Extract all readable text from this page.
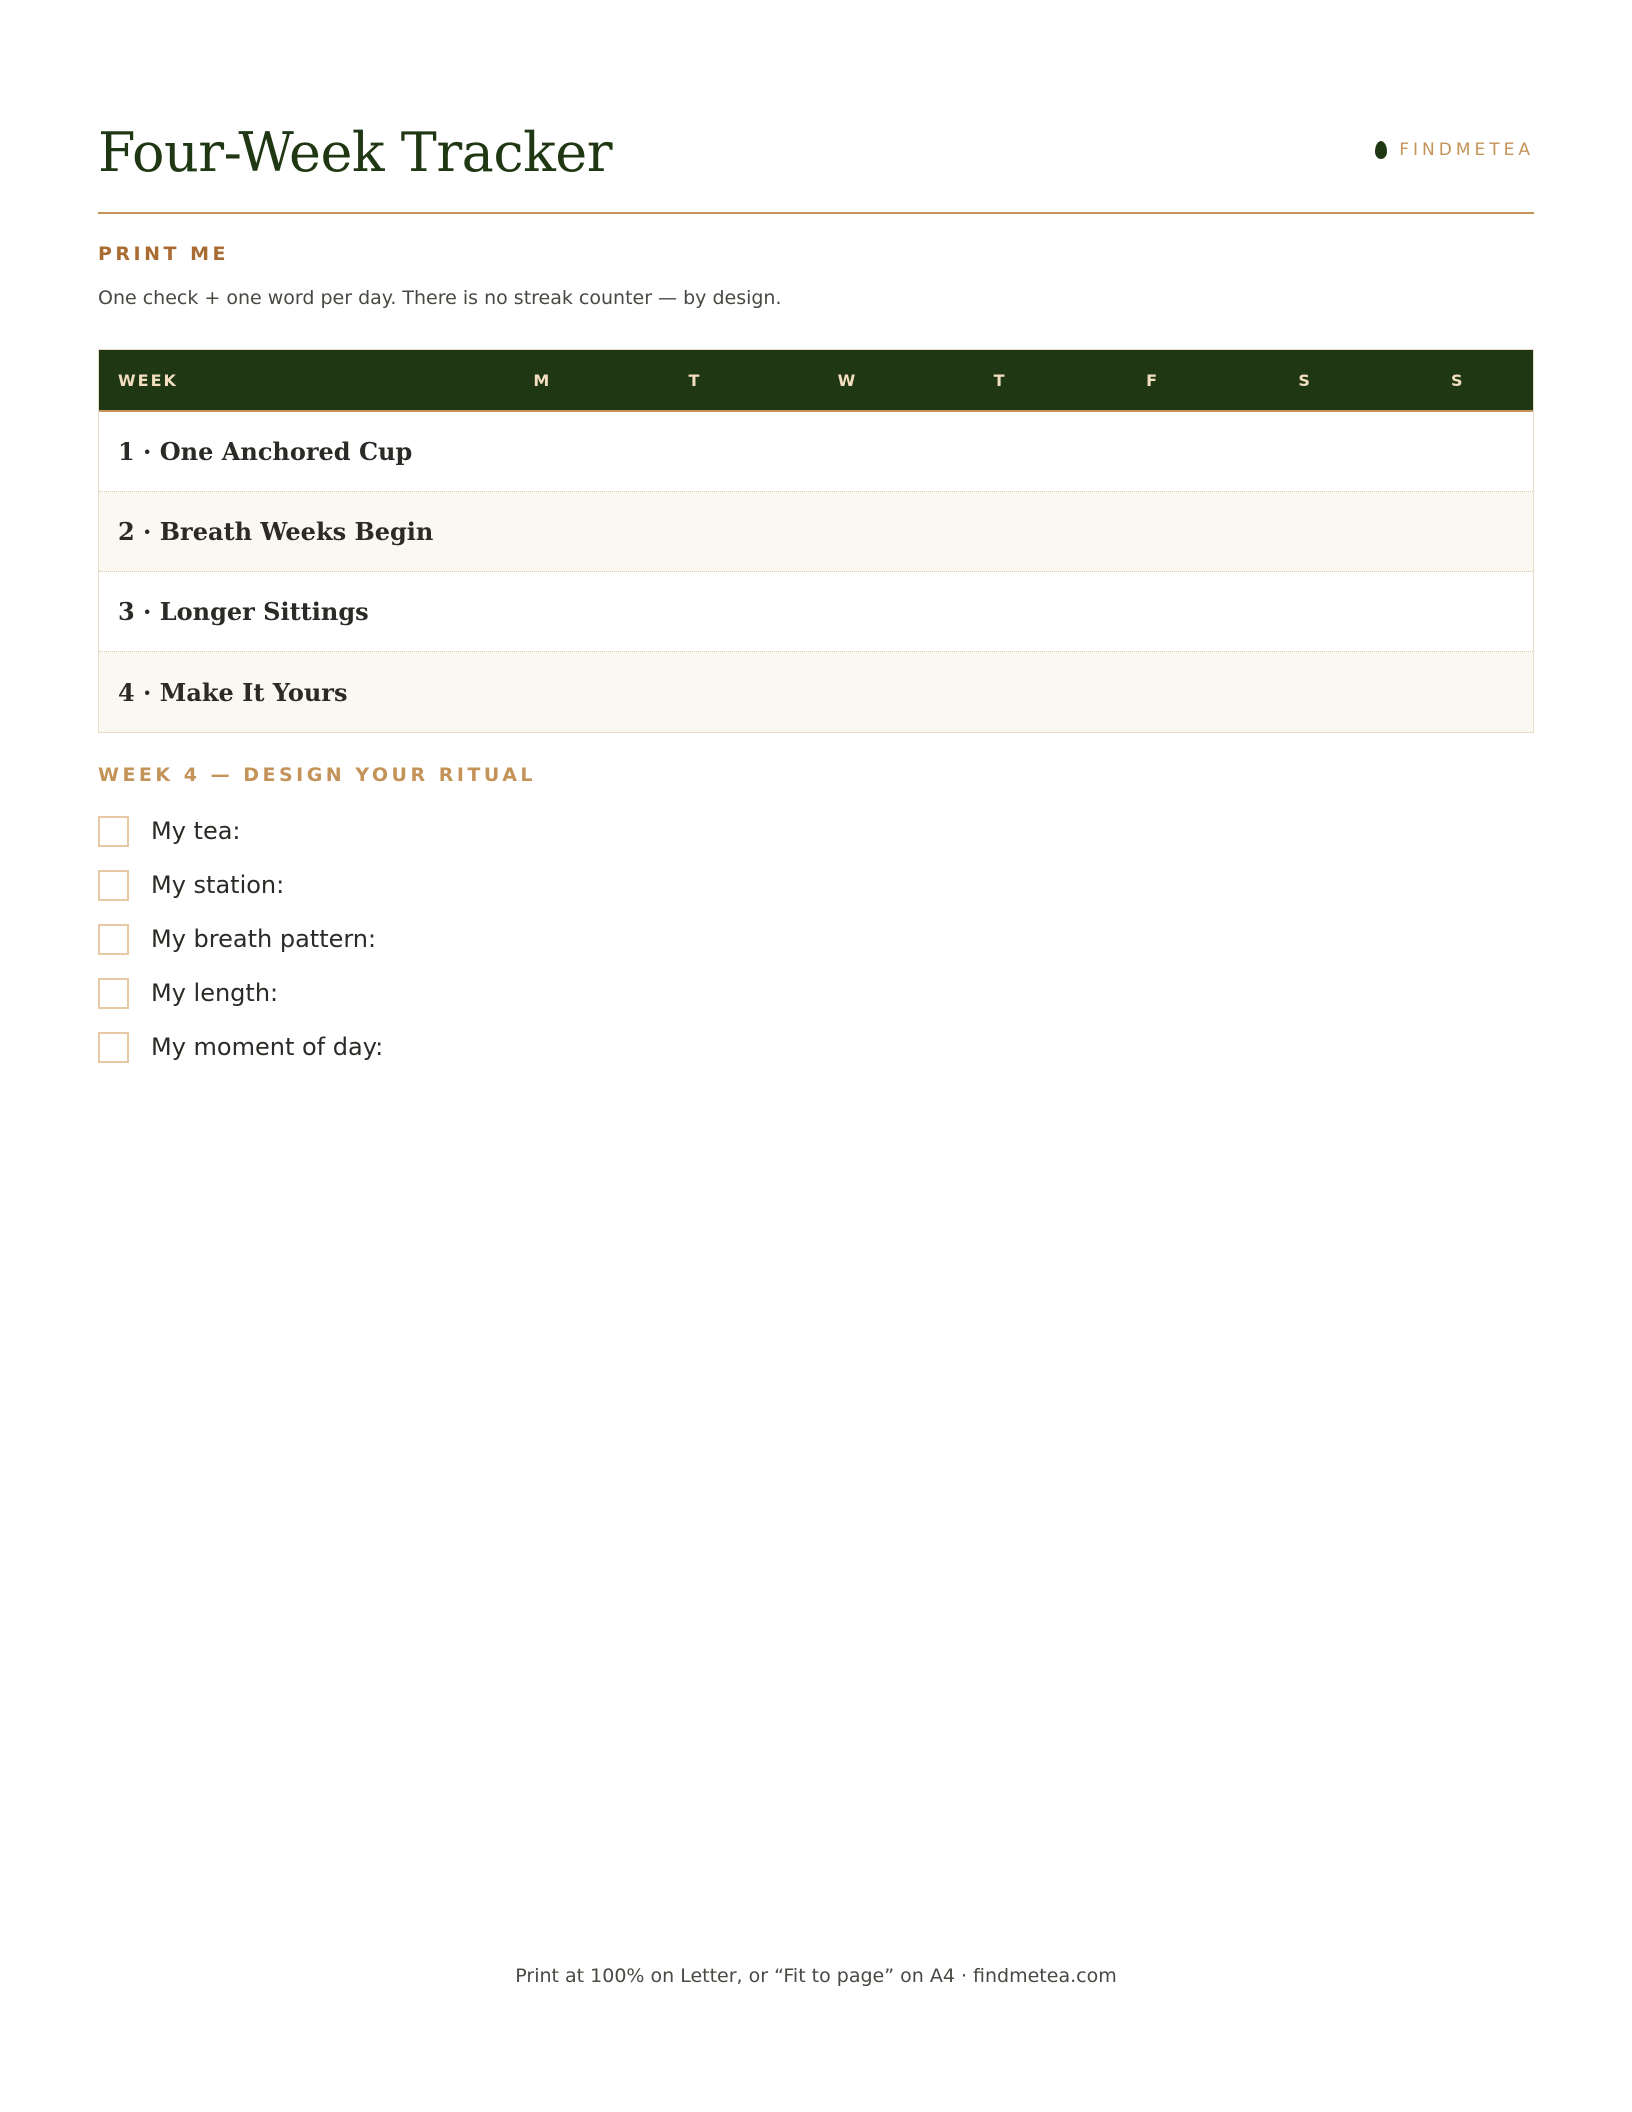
Four-Week Tracker	FINDMETEA
PRINT ME
One check + one word per day. There is no streak counter — by design.
WEEK	M	T	W	T	F	S	S
1 · One Anchored Cup
2 · Breath Weeks Begin
3 · Longer Sittings
4 · Make It Yours
WEEK 4 — DESIGN YOUR RITUAL
My tea:
My station:
My breath pattern:
My length:
My moment of day:
Print at 100% on Letter, or “Fit to page” on A4 · findmetea.com
